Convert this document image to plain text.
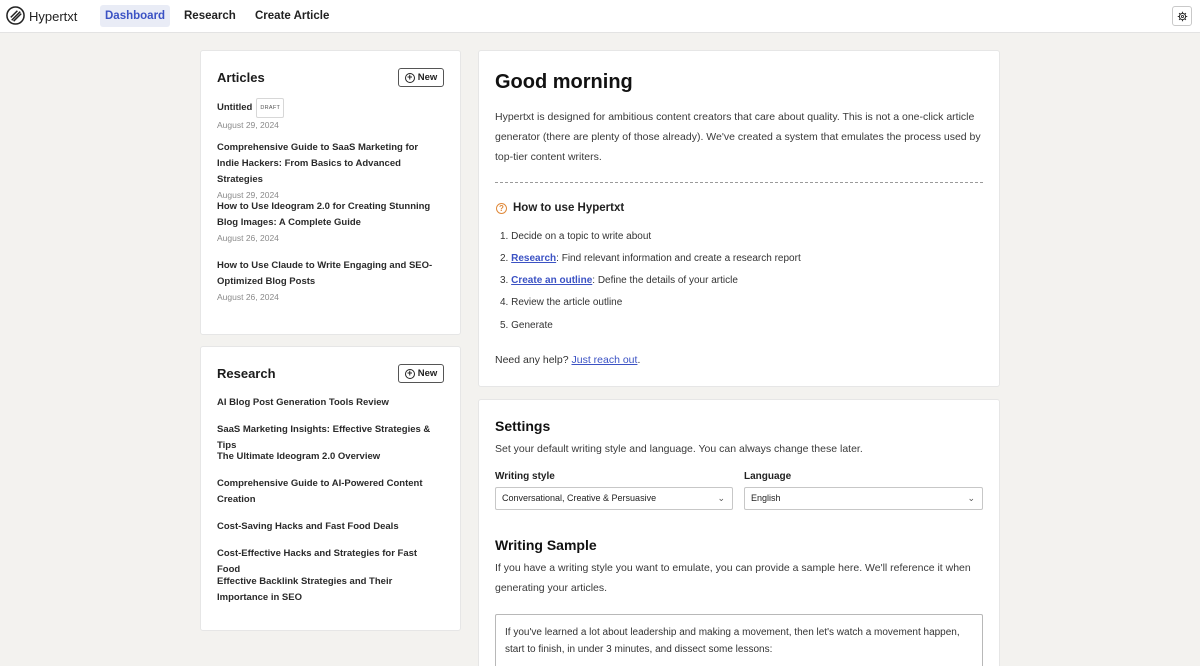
Hypertxt	Dashboard	Research	Create Article
Articles	+ New
Untitled DRAFT
August 29, 2024
Comprehensive Guide to SaaS Marketing for Indie Hackers: From Basics to Advanced Strategies
August 29, 2024
How to Use Ideogram 2.0 for Creating Stunning Blog Images: A Complete Guide
August 26, 2024
How to Use Claude to Write Engaging and SEO-Optimized Blog Posts
August 26, 2024
Research	+ New
AI Blog Post Generation Tools Review
SaaS Marketing Insights: Effective Strategies & Tips
The Ultimate Ideogram 2.0 Overview
Comprehensive Guide to AI-Powered Content Creation
Cost-Saving Hacks and Fast Food Deals
Cost-Effective Hacks and Strategies for Fast Food
Effective Backlink Strategies and Their Importance in SEO
Good morning
Hypertxt is designed for ambitious content creators that care about quality. This is not a one-click article generator (there are plenty of those already). We've created a system that emulates the process used by top-tier content writers.
? How to use Hypertxt
1. Decide on a topic to write about
2. Research: Find relevant information and create a research report
3. Create an outline: Define the details of your article
4. Review the article outline
5. Generate
Need any help? Just reach out.
Settings
Set your default writing style and language. You can always change these later.
Writing style
Conversational, Creative & Persuasive	⌄
Language
English	⌄
Writing Sample
If you have a writing style you want to emulate, you can provide a sample here. We'll reference it when generating your articles.
If you've learned a lot about leadership and making a movement, then let's watch a movement happen, start to finish, in under 3 minutes, and dissect some lessons:
